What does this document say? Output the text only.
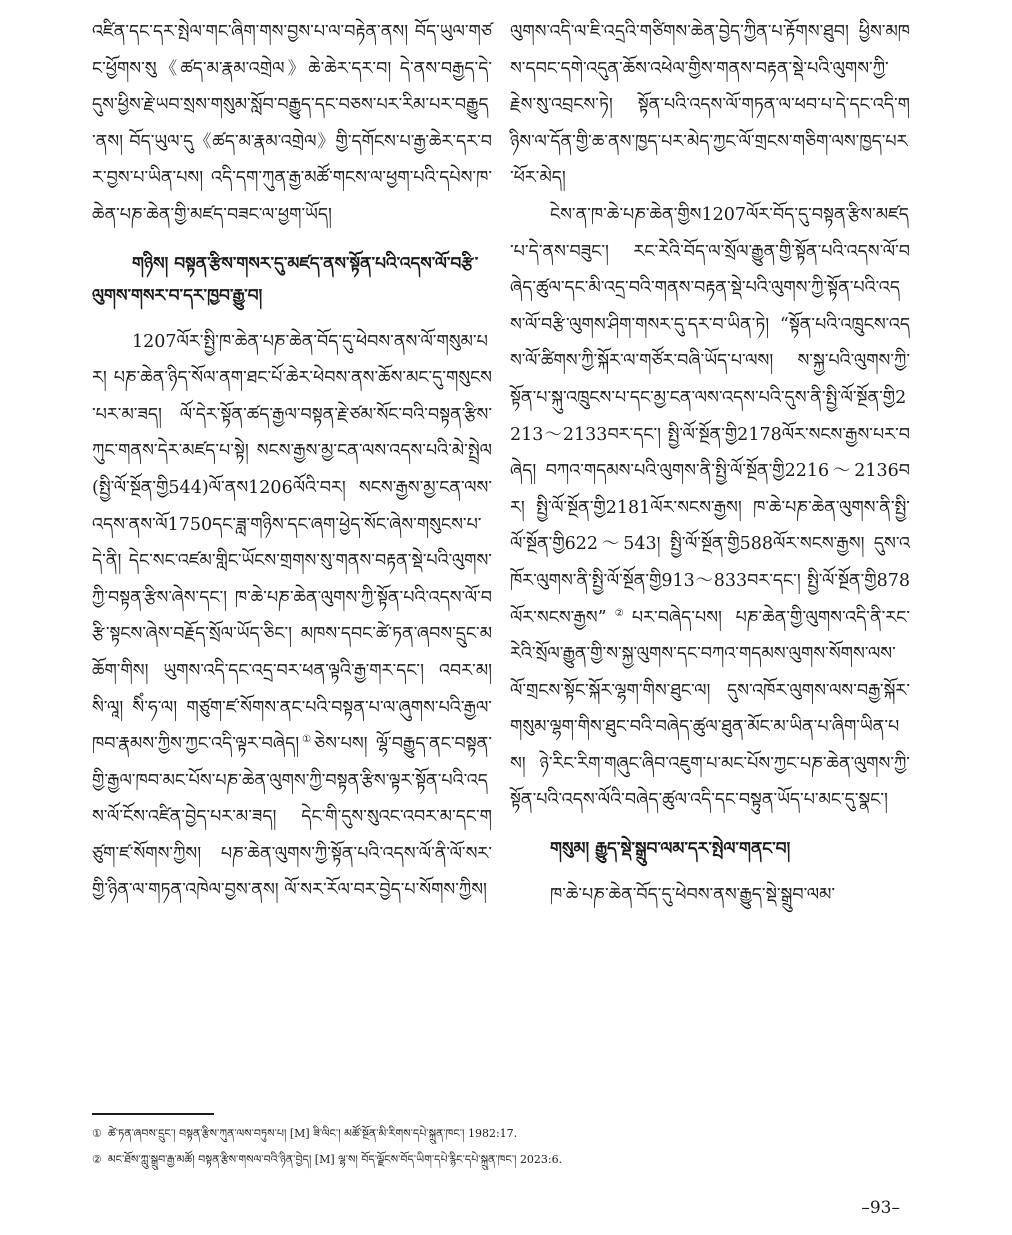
འཛིན་དང་དར་སྤེལ་གང་ཞིག་གས་བྱས་པ་ལ་བརྟེན་ནས། བོད་ཡུལ་གཙང་ཕྱོགས་སུ《ཚད་མ་རྣམ་འགྲེལ》ཆེ་ཆེར་དར་བ། དེ་ནས་བརྒྱད་དེ་དུས་ཕྱིས་རྗེ་ཡབ་སྲས་གསུམ་སློབ་བརྒྱུད་དང་བཅས་པར་རིམ་པར་བརྒྱུད་ནས། བོད་ཡུལ་དུ《ཚད་མ་རྣམ་འགྲེལ》གྱི་དགོངས་པ་རྒྱ་ཆེར་དར་བར་བྱས་པ་ཡིན་པས། འདི་དག་ཀུན་རྒྱ་མཚོ་གངས་ལ་ཕྱག་པའི་དཔེས་ཁ་ཆེན་པཎ་ཆེན་གྱི་མཛད་བཟང་ལ་ཕྱག་ཡོད།

གཉིས། བསྟན་རྩིས་གསར་དུ་མཛད་ནས་སྟོན་པའི་འདས་ལོ་བརྩི་ལུགས་གསར་བ་དར་ཁྱབ་རྒྱུ་བ།

1207ལོར་སྤྱི་ཁ་ཆེན་པཎ་ཆེན་བོད་དུ་ཕེབས་ནས་ལོ་གསུམ་པར། པཎ་ཆེན་ཉིད་སོལ་ནག་ཐང་པོ་ཆེར་ཕེབས་ནས་ཆོས་མང་དུ་གསུངས་པར་མ་ཟད། ལོ་དེར་སྟོན་ཚད་རྒྱལ་བསྟན་རྗེ་ཙམ་སོང་བའི་བསྟན་རྩིས་ཀུང་གནས་དེར་མཛད་པ་སྟེ། སངས་རྒྱས་མྱ་ངན་ལས་འདས་པའི་མེ་སྤྲེལ(སྤྱི་ལོ་སྔོན་གྱི544)ལོ་ནས1206ལོའི་བར། སངས་རྒྱས་མྱ་ངན་ལས་འདས་ནས་ལོ1750དང་ཟླ་གཉིས་དང་ཞག་ཕྱེད་སོང་ཞེས་གསུངས་པ་དེ་ནི། དེང་སང་འཛམ་གླིང་ཡོངས་གྲགས་སུ་གནས་བརྟན་སྡེ་པའི་ལུགས་ཀྱི་བསྟན་རྩིས་ཞེས་དང་། ཁ་ཆེ་པཎ་ཆེན་ལུགས་ཀྱི་སྟོན་པའི་འདས་ལོ་བརྩི་སྟངས་ཞེས་བརྗོད་སྲོལ་ཡོད་ཅིང་། མཁས་དབང་ཚེ་ཏན་ཞབས་དྲུང་མཆོག་གིས། ཡུགས་འདི་དང་འདྲ་བར་ཕན་ལྟའི་རྒྱ་གར་དང་། འབར་མ། སི་ལཱ། སིཾ་ཧ་ལ། གཙུག་ཛ་སོགས་ནང་པའི་བསྟན་པ་ལ་ཞུགས་པའི་རྒྱལ་ཁབ་རྣམས་ཀྱིས་ཀྱང་འདི་ལྟར་བཞེད།①ཅེས་པས། ལྷོ་བརྒྱུད་ནང་བསྟན་གྱི་རྒྱལ་ཁབ་མང་པོས་པཎ་ཆེན་ལུགས་ཀྱི་བསྟན་རྩིས་ལྟར་སྟོན་པའི་འདས་ལོ་ངོས་འཛིན་བྱེད་པར་མ་ཟད། དེང་གི་དུས་སུའང་འབར་མ་དང་གཙུག་ཛ་སོགས་ཀྱིས། པཎ་ཆེན་ལུགས་ཀྱི་སྟོན་པའི་འདས་ལོ་ནི་ལོ་སར་གྱི་ཉིན་ལ་གཏན་འཁེལ་བྱས་ནས། ལོ་སར་རོལ་བར་བྱེད་པ་སོགས་ཀྱིས།

ལུགས་འདི་ལ་ཇི་འདྲའི་གཙིགས་ཆེན་བྱེད་ཀྱིན་པ་རྟོགས་ཐུབ། ཕྱིས་མཁས་དབང་དགེ་འདུན་ཆོས་འཕེལ་གྱིས་གནས་བརྟན་སྡེ་པའི་ལུགས་ཀྱི་རྗེས་སུ་འབྲངས་ཏེ། སྟོན་པའི་འདས་ལོ་གཏན་ལ་ཕབ་པ་དེ་དང་འདི་གཉིས་ལ་དོན་གྱི་ཆ་ནས་ཁྱད་པར་མེད་ཀྱང་ལོ་གྲངས་གཅིག་ལས་ཁྱད་པར་ཕོར་མེད།

ངེས་ན་ཁ་ཆེ་པཎ་ཆེན་གྱིས1207ལོར་བོད་དུ་བསྟན་རྩིས་མཛད་པ་དེ་ནས་བཟུང་། རང་རེའི་བོད་ལ་སྲོལ་རྒྱུན་གྱི་སྟོན་པའི་འདས་ལོ་བཞེད་ཚུལ་དང་མི་འདྲ་བའི་གནས་བརྟན་སྡེ་པའི་ལུགས་ཀྱི་སྟོན་པའི་འདས་ལོ་བརྩི་ལུགས་ཤིག་གསར་དུ་དར་བ་ཡིན་ཏེ། “སྟོན་པའི་འཁྲུངས་འདས་ལོ་ཚིགས་ཀྱི་སྐོར་ལ་གཙོར་བཞི་ཡོད་པ་ལས། ས་སྐྱ་པའི་ལུགས་ཀྱི་སྟོན་པ་སྐུ་འཁྲུངས་པ་དང་མྱ་ངན་ལས་འདས་པའི་དུས་ནི་སྤྱི་ལོ་སྔོན་གྱི2213～2133བར་དང་། སྤྱི་ལོ་སྔོན་གྱི2178ལོར་སངས་རྒྱས་པར་བཞེད། བཀའ་གདམས་པའི་ལུགས་ནི་སྤྱི་ལོ་སྔོན་གྱི2216～2136བར། སྤྱི་ལོ་སྔོན་གྱི2181ལོར་སངས་རྒྱས། ཁ་ཆེ་པཎ་ཆེན་ལུགས་ནི་སྤྱི་ལོ་སྔོན་གྱི622～543། སྤྱི་ལོ་སྔོན་གྱི588ལོར་སངས་རྒྱས། དུས་འཁོར་ལུགས་ནི་སྤྱི་ལོ་སྔོན་གྱི913～833བར་དང་། སྤྱི་ལོ་སྔོན་གྱི878ལོར་སངས་རྒྱས”②པར་བཞེད་པས། པཎ་ཆེན་གྱི་ལུགས་འདི་ནི་རང་རེའི་སྲོལ་རྒྱུན་གྱི་ས་སྐྱ་ལུགས་དང་བཀའ་གདམས་ལུགས་སོགས་ལས་ལོ་གྲངས་སྟོང་སྐོར་ལྷག་གིས་ཐུང་ལ། དུས་འཁོར་ལུགས་ལས་བརྒྱ་སྐོར་གསུམ་ལྷག་གིས་ཐུང་བའི་བཞེད་ཚུལ་ཐུན་མོང་མ་ཡིན་པ་ཞིག་ཡིན་པས། ཉེ་རིང་རིག་གཞུང་ཞིབ་འཇུག་པ་མང་པོས་ཀྱང་པཎ་ཆེན་ལུགས་ཀྱི་སྟོན་པའི་འདས་ལོའི་བཞེད་ཚུལ་འདི་དང་བསྟུན་ཡོད་པ་མང་དུ་སྣང་།

གསུམ། རྒྱུད་སྡེ་སྒྲུབ་ལམ་དར་སྤེལ་གནང་བ།

ཁ་ཆེ་པཎ་ཆེན་བོད་དུ་ཕེབས་ནས་རྒྱུད་སྡེ་སྒྲུབ་ལམ་

① ཚེ་ཏན་ཞབས་དྲུང་། བསྟན་རྩིས་ཀུན་ལས་བཏུས་པ། [M] ཟི་ལིང་། མཚོ་སྔོན་མི་རིགས་དཔེ་སྐྲུན་ཁང་། 1982:17.

② མང་ཐོས་ཀླུ་སྒྲུབ་རྒྱ་མཚོ། བསྟན་རྩིས་གསལ་བའི་ཉིན་བྱེད། [M] ལྷ་ས། བོད་ལྗོངས་བོད་ཡིག་དཔེ་རྙིང་དཔེ་སྐྲུན་ཁང་། 2023:6.

–93–
